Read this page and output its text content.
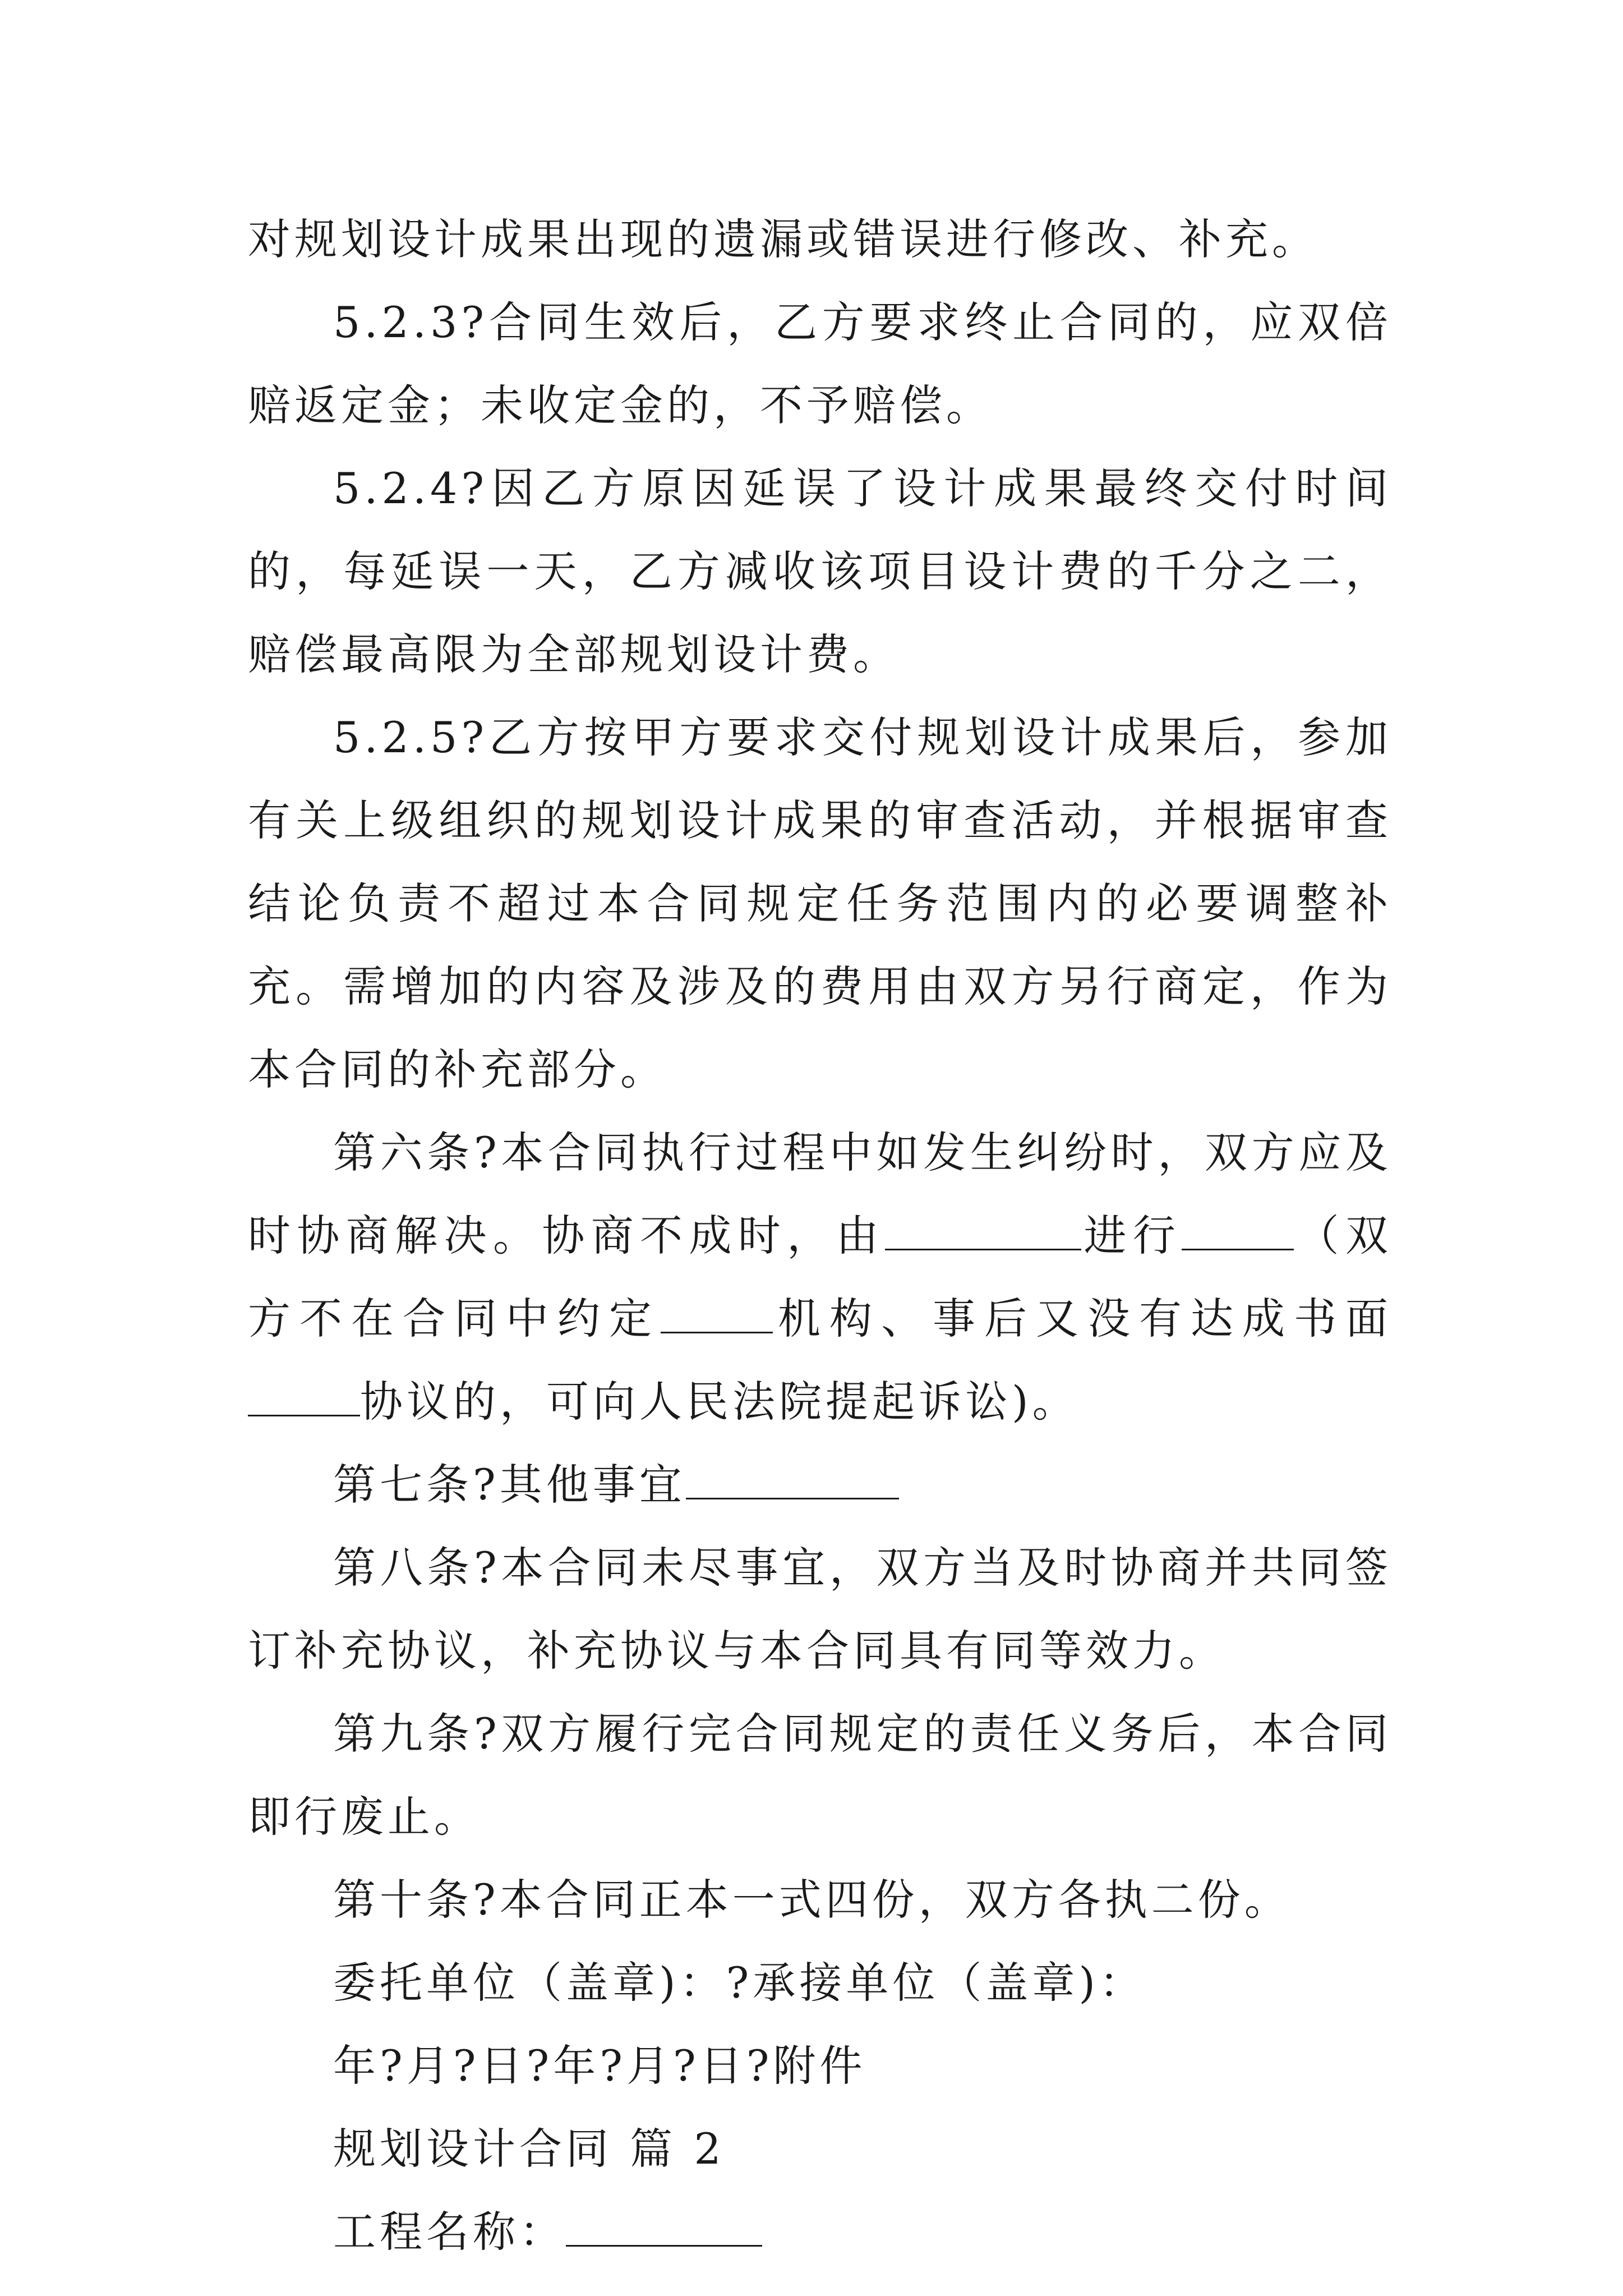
对规划设计成果出现的遗漏或错误进行修改、补充。

5.2.3?合同生效后，乙方要求终止合同的，应双倍赔返定金；未收定金的，不予赔偿。

5.2.4?因乙方原因延误了设计成果最终交付时间的，每延误一天，乙方减收该项目设计费的千分之二，赔偿最高限为全部规划设计费。

5.2.5?乙方按甲方要求交付规划设计成果后，参加有关上级组织的规划设计成果的审查活动，并根据审查结论负责不超过本合同规定任务范围内的必要调整补充。需增加的内容及涉及的费用由双方另行商定，作为本合同的补充部分。

第六条?本合同执行过程中如发生纠纷时，双方应及时协商解决。协商不成时，由	进行	（双方不在合同中约定	机构、事后又没有达成书面协议的，可向人民法院提起诉讼)。

第七条?其他事宜

第八条?本合同未尽事宜，双方当及时协商并共同签订补充协议，补充协议与本合同具有同等效力。

第九条?双方履行完合同规定的责任义务后，本合同即行废止。

第十条?本合同正本一式四份，双方各执二份。

委托单位（盖章)：?承接单位（盖章)：

年?月?日?年?月?日?附件

规划设计合同 篇 2

工程名称：
